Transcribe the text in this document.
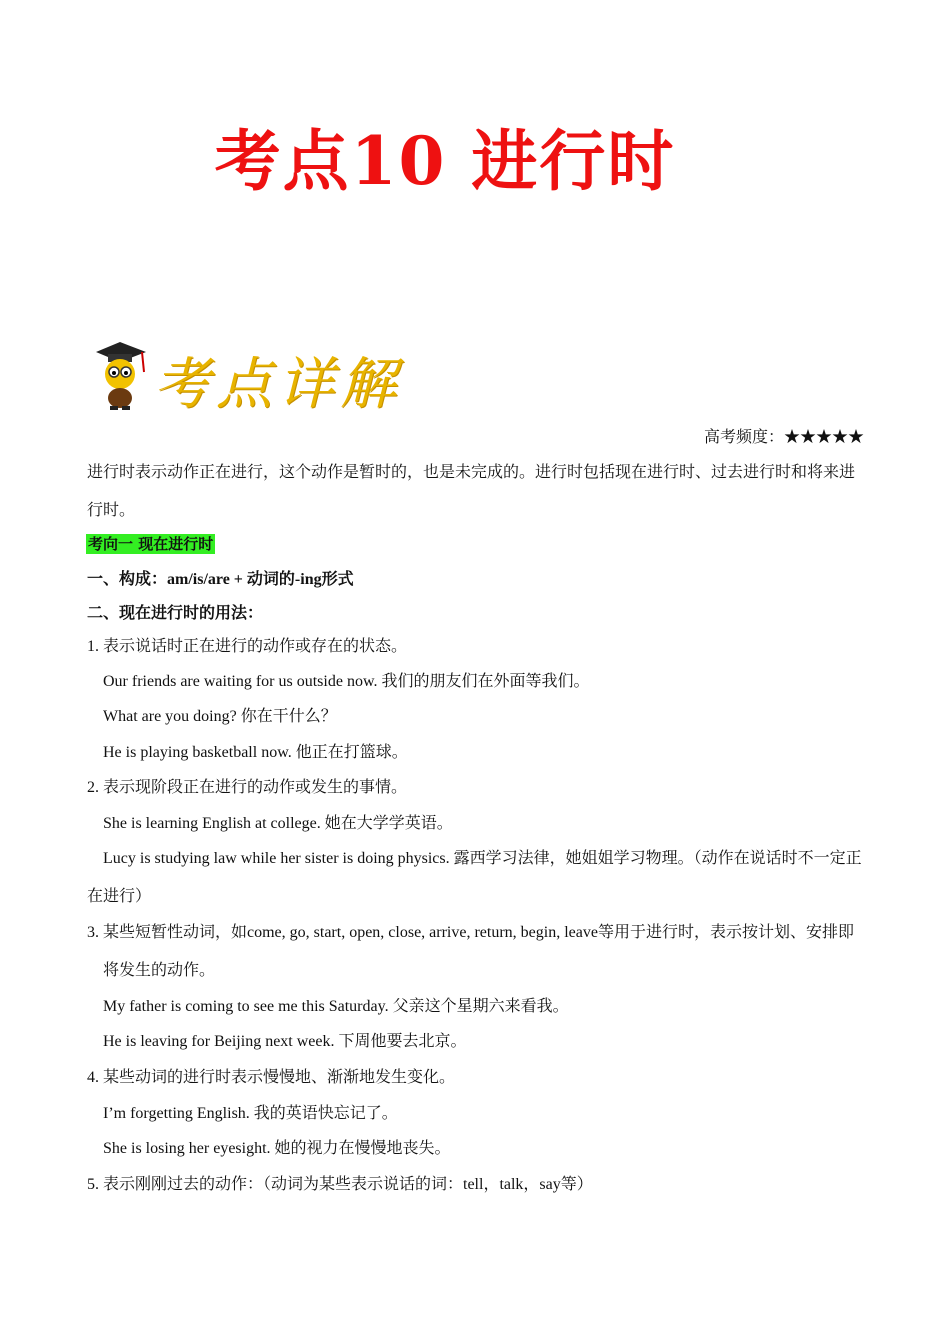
考点10 进行时
考点详解
高考频度：★★★★★
进行时表示动作正在进行，这个动作是暂时的，也是未完成的。进行时包括现在进行时、过去进行时和将来进行时。
考向一 现在进行时
一、构成：am/is/are + 动词的-ing形式
二、现在进行时的用法：
1. 表示说话时正在进行的动作或存在的状态。
Our friends are waiting for us outside now. 我们的朋友们在外面等我们。
What are you doing? 你在干什么？
He is playing basketball now. 他正在打篮球。
2. 表示现阶段正在进行的动作或发生的事情。
She is learning English at college. 她在大学学英语。
Lucy is studying law while her sister is doing physics. 露西学习法律，她姐姐学习物理。（动作在说话时不一定正在进行）
3. 某些短暂性动词，如come, go, start, open, close, arrive, return, begin, leave等用于进行时，表示按计划、安排即将发生的动作。
My father is coming to see me this Saturday. 父亲这个星期六来看我。
He is leaving for Beijing next week. 下周他要去北京。
4. 某些动词的进行时表示慢慢地、渐渐地发生变化。
I’m forgetting English. 我的英语快忘记了。
She is losing her eyesight. 她的视力在慢慢地丧失。
5. 表示刚刚过去的动作：（动词为某些表示说话的词：tell，talk，say等）
